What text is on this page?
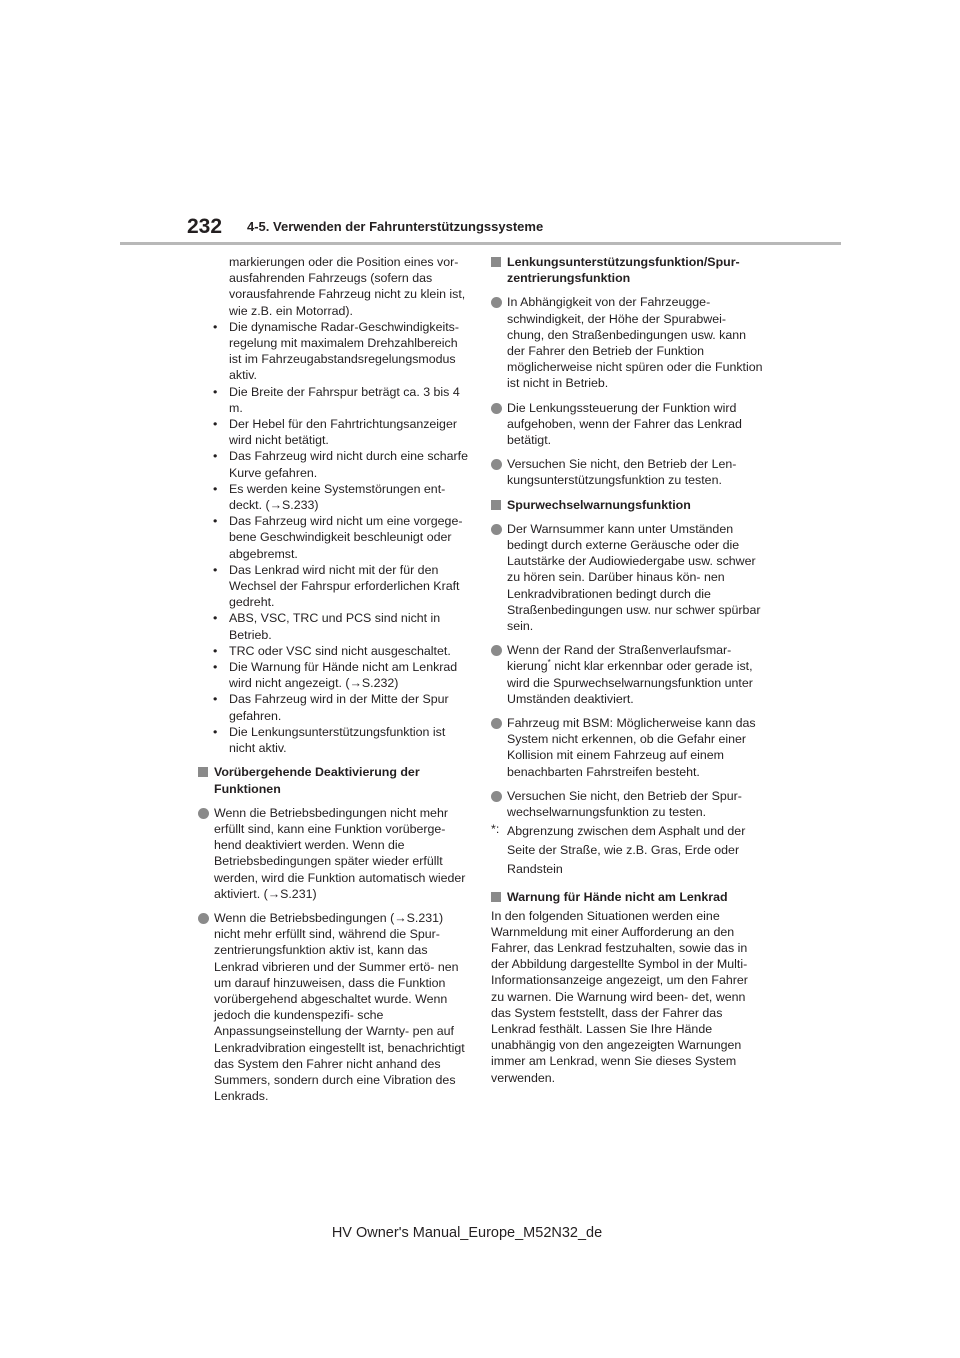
232 4-5. Verwenden der Fahrunterstützungssysteme

markierungen oder die Position eines vor- ausfahrenden Fahrzeugs (sofern das vorausfahrende Fahrzeug nicht zu klein ist, wie z.B. ein Motorrad).

• Die dynamische Radar-Geschwindigkeits- regelung mit maximalem Drehzahlbereich ist im Fahrzeugabstandsregelungsmodus aktiv.
• Die Breite der Fahrspur beträgt ca. 3 bis 4 m.
• Der Hebel für den Fahrtrichtungsanzeiger wird nicht betätigt.
• Das Fahrzeug wird nicht durch eine scharfe Kurve gefahren.
• Es werden keine Systemstörungen ent- deckt. (→S.233)
• Das Fahrzeug wird nicht um eine vorgege- bene Geschwindigkeit beschleunigt oder abgebremst.
• Das Lenkrad wird nicht mit der für den Wechsel der Fahrspur erforderlichen Kraft gedreht.
• ABS, VSC, TRC und PCS sind nicht in Betrieb.
• TRC oder VSC sind nicht ausgeschaltet.
• Die Warnung für Hände nicht am Lenkrad wird nicht angezeigt. (→S.232)
• Das Fahrzeug wird in der Mitte der Spur gefahren.
• Die Lenkungsunterstützungsfunktion ist nicht aktiv.
Vorübergehende Deaktivierung der Funktionen
Wenn die Betriebsbedingungen nicht mehr erfüllt sind, kann eine Funktion vorüberge- hend deaktiviert werden. Wenn die Betriebsbedingungen später wieder erfüllt werden, wird die Funktion automatisch wieder aktiviert. (→S.231)
Wenn die Betriebsbedingungen (→S.231) nicht mehr erfüllt sind, während die Spur- zentrierungsfunktion aktiv ist, kann das Lenkrad vibrieren und der Summer ertö- nen um darauf hinzuweisen, dass die Funktion vorübergehend abgeschaltet wurde. Wenn jedoch die kundenspezifi- sche Anpassungseinstellung der Warnty- pen auf Lenkradvibration eingestellt ist, benachrichtigt das System den Fahrer nicht anhand des Summers, sondern durch eine Vibration des Lenkrads.
Lenkungsunterstützungsfunktion/Spur- zentrierungsfunktion
In Abhängigkeit von der Fahrzeugge- schwindigkeit, der Höhe der Spurabwei- chung, den Straßenbedingungen usw. kann der Fahrer den Betrieb der Funktion möglicherweise nicht spüren oder die Funktion ist nicht in Betrieb.
Die Lenkungssteuerung der Funktion wird aufgehoben, wenn der Fahrer das Lenkrad betätigt.
Versuchen Sie nicht, den Betrieb der Len- kungsunterstützungsfunktion zu testen.
Spurwechselwarnungsfunktion
Der Warnsummer kann unter Umständen bedingt durch externe Geräusche oder die Lautstärke der Audiowiedergabe usw. schwer zu hören sein. Darüber hinaus kön- nen Lenkradvibrationen bedingt durch die Straßenbedingungen usw. nur schwer spürbar sein.
Wenn der Rand der Straßenverlaufsmar- kierung* nicht klar erkennbar oder gerade ist, wird die Spurwechselwarnungsfunktion unter Umständen deaktiviert.
Fahrzeug mit BSM: Möglicherweise kann das System nicht erkennen, ob die Gefahr einer Kollision mit einem Fahrzeug auf einem benachbarten Fahrstreifen besteht.
Versuchen Sie nicht, den Betrieb der Spur- wechselwarnungsfunktion zu testen.
*: Abgrenzung zwischen dem Asphalt und der Seite der Straße, wie z.B. Gras, Erde oder Randstein
Warnung für Hände nicht am Lenkrad

In den folgenden Situationen werden eine Warnmeldung mit einer Aufforderung an den Fahrer, das Lenkrad festzuhalten, sowie das in der Abbildung dargestellte Symbol in der Multi-Informationsanzeige angezeigt, um den Fahrer zu warnen. Die Warnung wird been- det, wenn das System feststellt, dass der Fahrer das Lenkrad festhält. Lassen Sie Ihre Hände unabhängig von den angezeigten Warnungen immer am Lenkrad, wenn Sie dieses System verwenden.

HV Owner's Manual_Europe_M52N32_de
